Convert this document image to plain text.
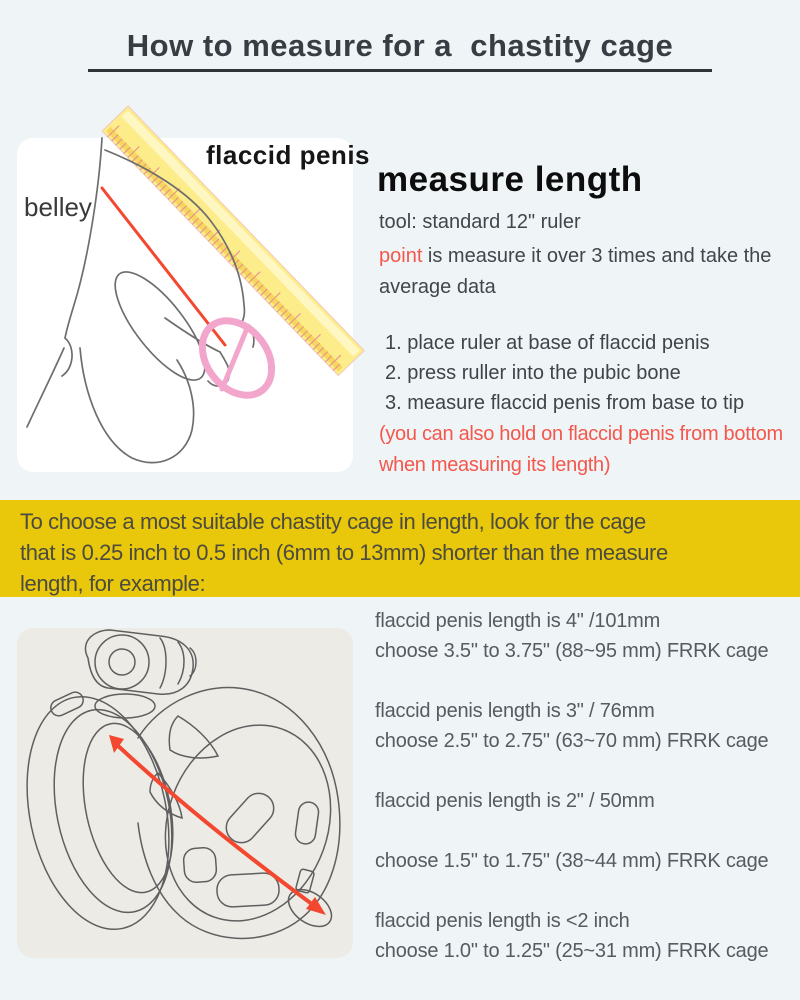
How to measure for a  chastity cage
flaccid penis
belley
measure length
tool: standard 12" ruler
point is measure it over 3 times and take the
average data
1. place ruler at base of flaccid penis
2. press ruller into the pubic bone
3. measure flaccid penis from base to tip
(you can also hold on flaccid penis from bottom
when measuring its length)
To choose a most suitable chastity cage in length, look for the cage
that is 0.25 inch to 0.5 inch (6mm to 13mm) shorter than the measure
length, for example:
flaccid penis length is 4" /101mm
choose 3.5" to 3.75" (88~95 mm) FRRK cage
flaccid penis length is 3" / 76mm
choose 2.5" to 2.75" (63~70 mm) FRRK cage
flaccid penis length is 2" / 50mm
choose 1.5" to 1.75" (38~44 mm) FRRK cage
flaccid penis length is <2 inch
choose 1.0" to 1.25" (25~31 mm) FRRK cage
